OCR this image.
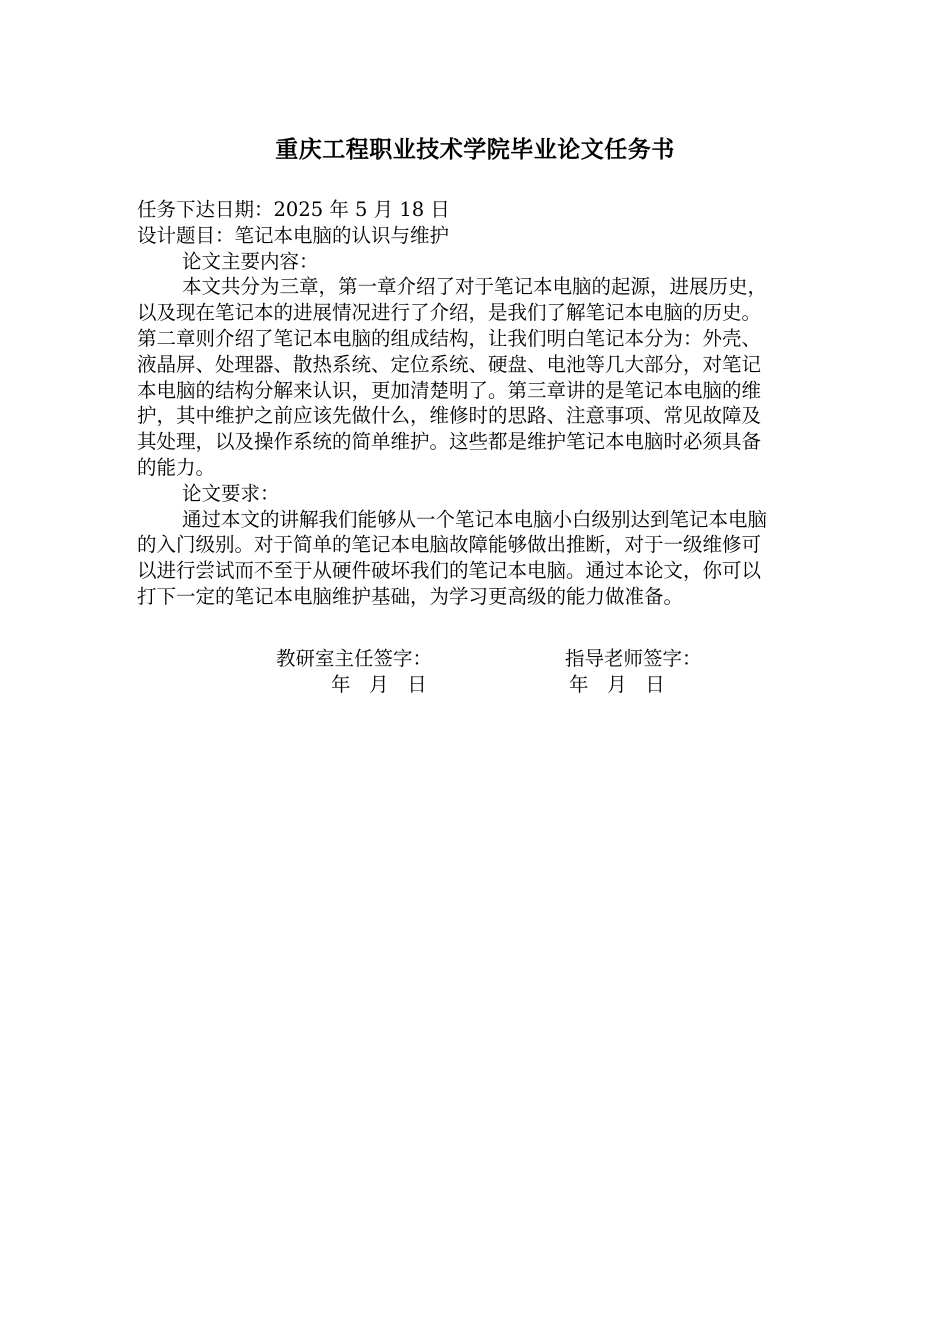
重庆工程职业技术学院毕业论文任务书
任务下达日期：2025 年 5 月 18 日
设计题目：笔记本电脑的认识与维护
论文主要内容：
本文共分为三章，第一章介绍了对于笔记本电脑的起源，进展历史，
以及现在笔记本的进展情况进行了介绍，是我们了解笔记本电脑的历史。
第二章则介绍了笔记本电脑的组成结构，让我们明白笔记本分为：外壳、
液晶屏、处理器、散热系统、定位系统、硬盘、电池等几大部分，对笔记
本电脑的结构分解来认识，更加清楚明了。第三章讲的是笔记本电脑的维
护，其中维护之前应该先做什么，维修时的思路、注意事项、常见故障及
其处理，以及操作系统的简单维护。这些都是维护笔记本电脑时必须具备
的能力。
论文要求：
通过本文的讲解我们能够从一个笔记本电脑小白级别达到笔记本电脑
的入门级别。对于简单的笔记本电脑故障能够做出推断，对于一级维修可
以进行尝试而不至于从硬件破坏我们的笔记本电脑。通过本论文，你可以
打下一定的笔记本电脑维护基础，为学习更高级的能力做准备。
教研室主任签字：	指导老师签字：
年   月   日	年   月   日
